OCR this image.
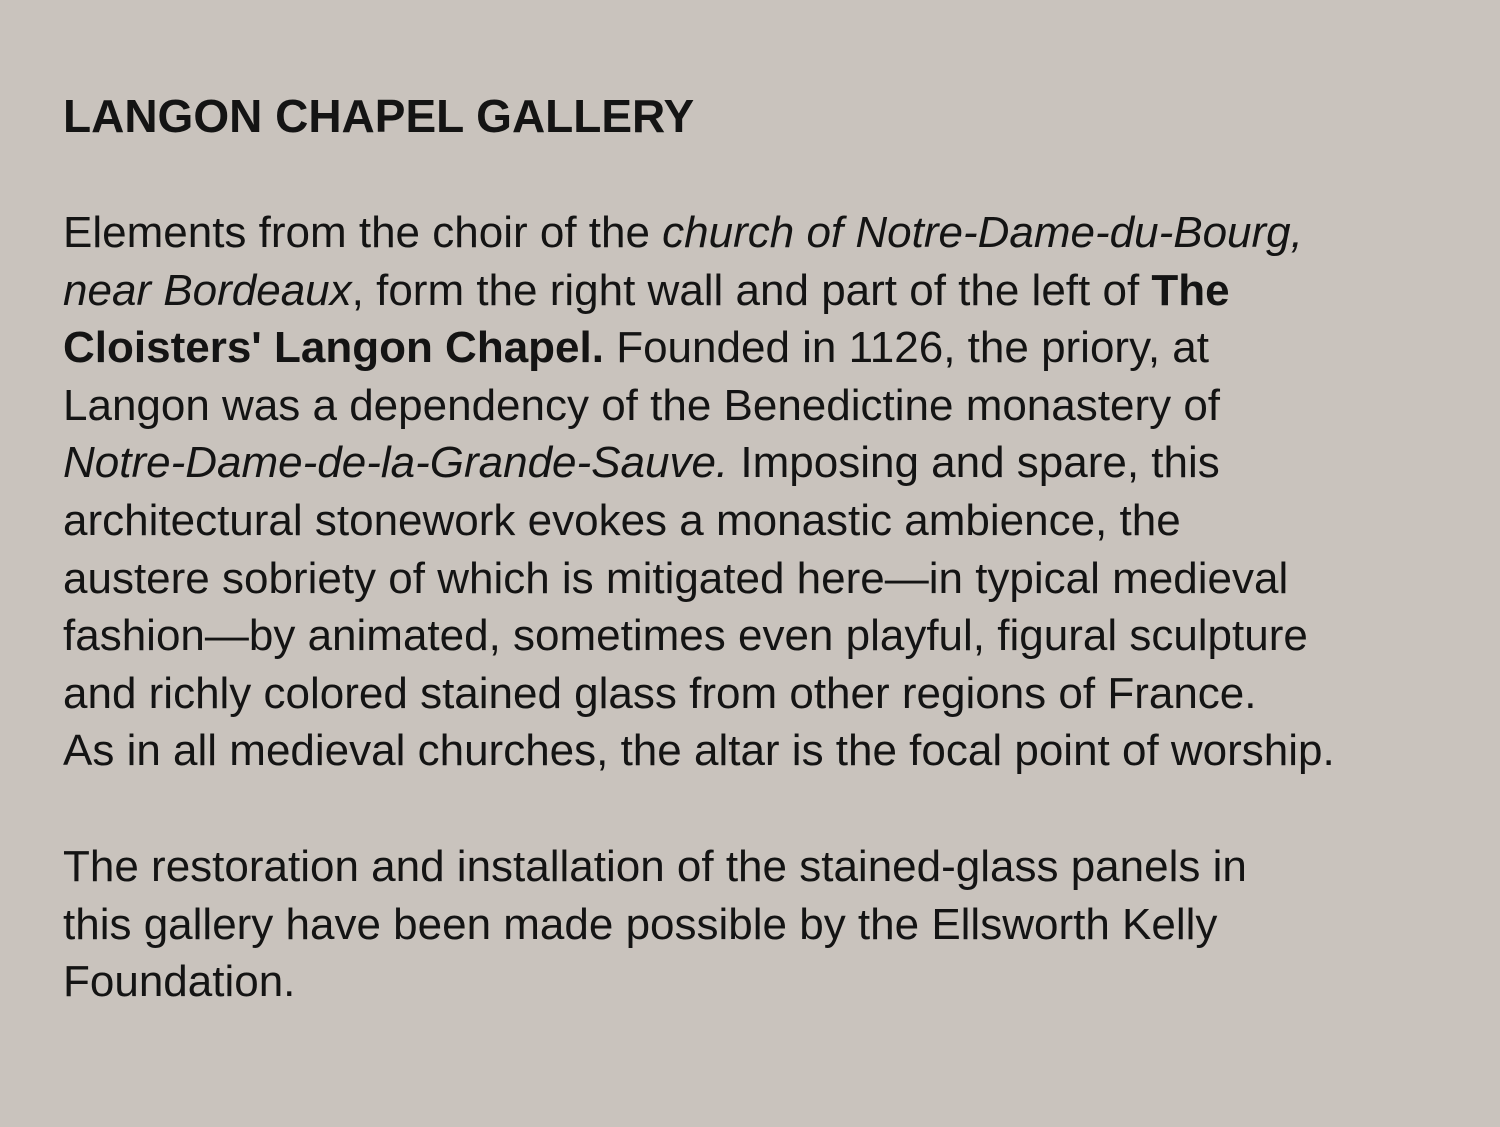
LANGON CHAPEL GALLERY

Elements from the choir of the church of Notre-Dame-du-Bourg,
near Bordeaux, form the right wall and part of the left of The
Cloisters' Langon Chapel. Founded in 1126, the priory, at
Langon was a dependency of the Benedictine monastery of
Notre-Dame-de-la-Grande-Sauve. Imposing and spare, this
architectural stonework evokes a monastic ambience, the
austere sobriety of which is mitigated here—in typical medieval
fashion—by animated, sometimes even playful, figural sculpture
and richly colored stained glass from other regions of France.
As in all medieval churches, the altar is the focal point of worship.

The restoration and installation of the stained-glass panels in
this gallery have been made possible by the Ellsworth Kelly
Foundation.
